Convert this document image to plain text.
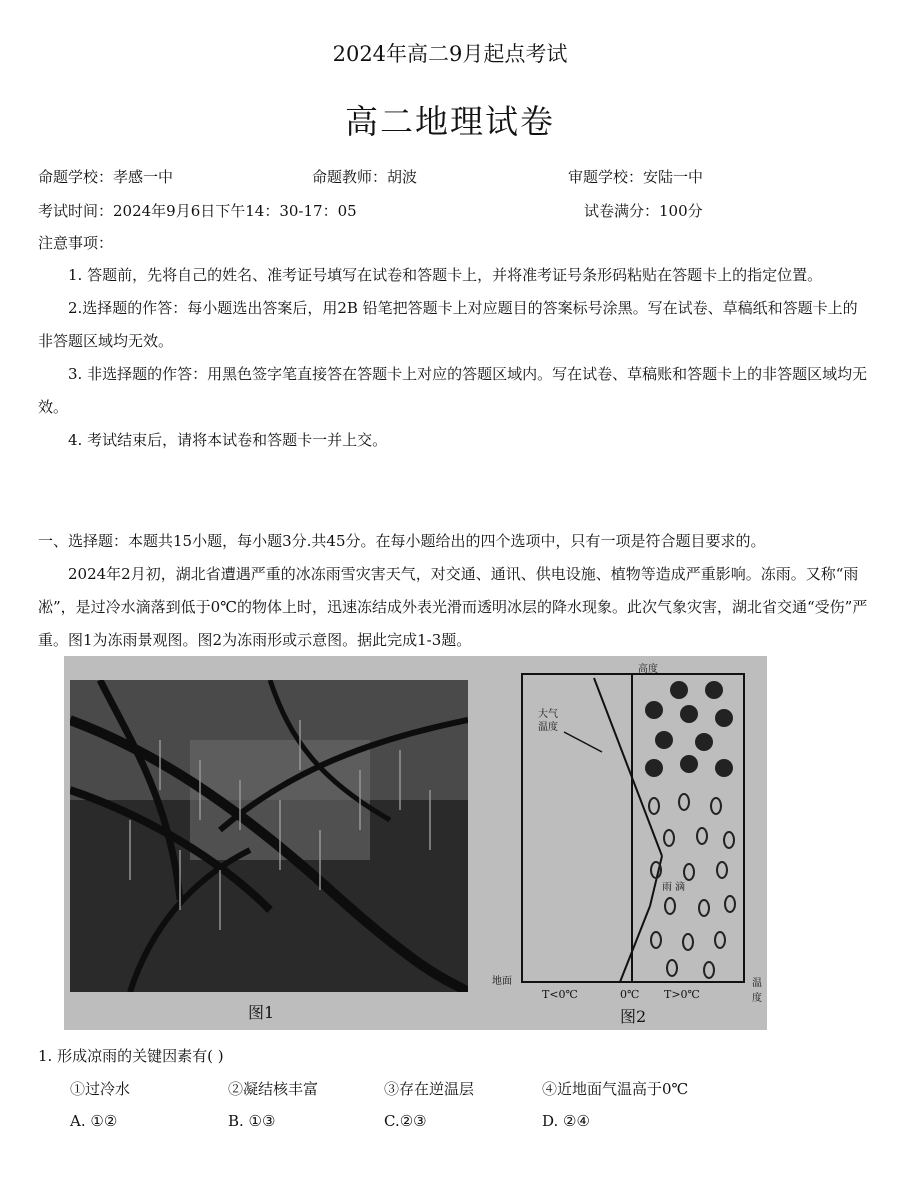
2024年高二9月起点考试
高二地理试卷
命题学校：孝感一中	命题教师：胡波	审题学校：安陆一中
考试时间：2024年9月6日下午14：30-17：05	试卷满分：100分
注意事项：

1. 答题前，先将自己的姓名、准考证号填写在试卷和答题卡上，并将准考证号条形码粘贴在答题卡上的指定位置。

2.选择题的作答：每小题选出答案后，用2B 铅笔把答题卡上对应题目的答案标号涂黑。写在试卷、草稿纸和答题卡上的非答题区域均无效。

3. 非选择题的作答：用黑色签字笔直接答在答题卡上对应的答题区域内。写在试卷、草稿账和答题卡上的非答题区域均无效。

4. 考试结束后，请将本试卷和答题卡一并上交。

一、选择题：本题共15小题，每小题3分.共45分。在每小题给出的四个选项中，只有一项是符合题目要求的。
2024年2月初，湖北省遭遇严重的冰冻雨雪灾害天气，对交通、通讯、供电设施、植物等造成严重影响。冻雨。又称“雨凇”，是过冷水滴落到低于0℃的物体上时，迅速冻结成外表光滑而透明冰层的降水现象。此次气象灾害，湖北省交通“受伤”严重。图1为冻雨景观图。图2为冻雨形或示意图。据此完成1-3题。
图1
高度
大气
温度
地面	温度
雨 滴
T<0℃	0℃ T>0℃
图2
1. 形成凉雨的关键因素有( )
①过冷水	②凝结核丰富	③存在逆温层	④近地面气温高于0℃
A. ①②	B. ①③	C.②③	D. ②④
